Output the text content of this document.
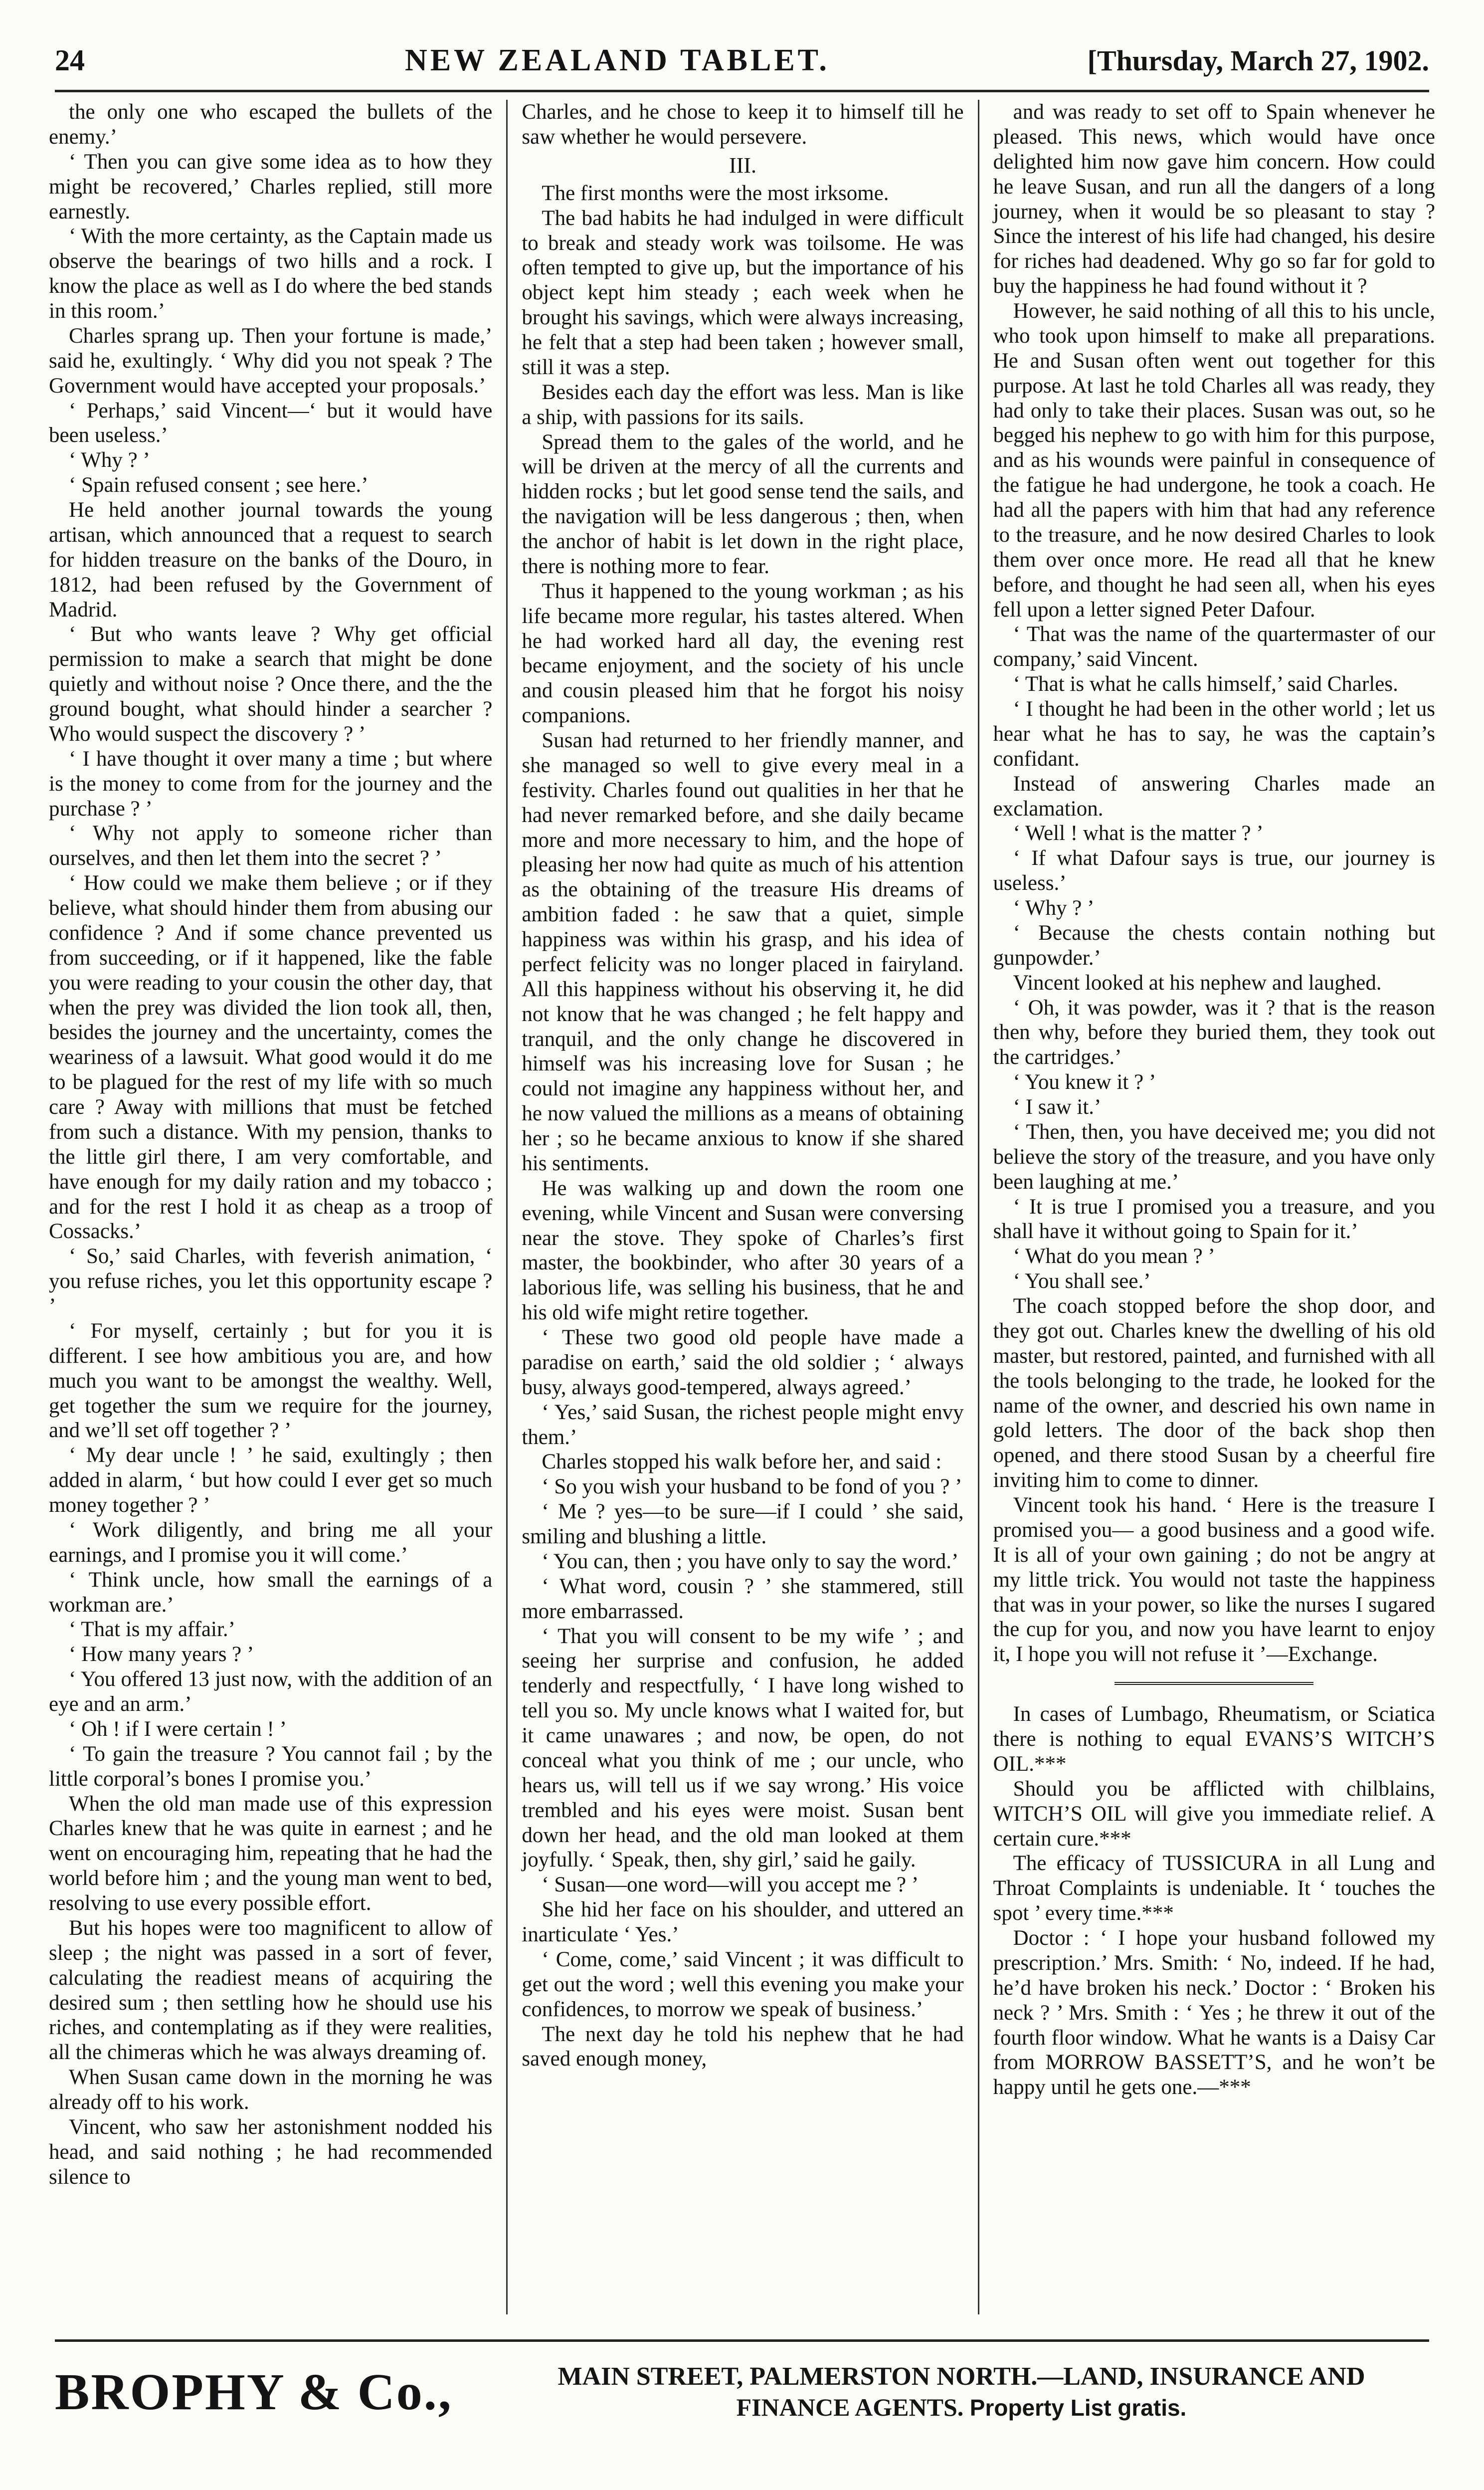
24	NEW ZEALAND TABLET.	[Thursday, March 27, 1902.

the only one who escaped the bullets of the enemy.’

‘ Then you can give some idea as to how they might be recovered,’ Charles replied, still more earnestly.

‘ With the more certainty, as the Captain made us observe the bearings of two hills and a rock. I know the place as well as I do where the bed stands in this room.’

Charles sprang up. Then your fortune is made,’ said he, exultingly. ‘ Why did you not speak ? The Government would have accepted your proposals.’

‘ Perhaps,’ said Vincent—‘ but it would have been useless.’

‘ Why ? ’

‘ Spain refused consent ; see here.’

He held another journal towards the young artisan, which announced that a request to search for hidden treasure on the banks of the Douro, in 1812, had been refused by the Government of Madrid.

‘ But who wants leave ? Why get official permission to make a search that might be done quietly and without noise ? Once there, and the the ground bought, what should hinder a searcher ? Who would suspect the discovery ? ’

‘ I have thought it over many a time ; but where is the money to come from for the journey and the purchase ? ’

‘ Why not apply to someone richer than ourselves, and then let them into the secret ? ’

‘ How could we make them believe ; or if they believe, what should hinder them from abusing our confidence ? And if some chance prevented us from succeeding, or if it happened, like the fable you were reading to your cousin the other day, that when the prey was divided the lion took all, then, besides the journey and the uncertainty, comes the weariness of a lawsuit. What good would it do me to be plagued for the rest of my life with so much care ? Away with millions that must be fetched from such a distance. With my pension, thanks to the little girl there, I am very comfortable, and have enough for my daily ration and my tobacco ; and for the rest I hold it as cheap as a troop of Cossacks.’

‘ So,’ said Charles, with feverish animation, ‘ you refuse riches, you let this opportunity escape ? ’

‘ For myself, certainly ; but for you it is different. I see how ambitious you are, and how much you want to be amongst the wealthy. Well, get together the sum we require for the journey, and we’ll set off together ? ’

‘ My dear uncle ! ’ he said, exultingly ; then added in alarm, ‘ but how could I ever get so much money together ? ’

‘ Work diligently, and bring me all your earnings, and I promise you it will come.’

‘ Think uncle, how small the earnings of a workman are.’

‘ That is my affair.’

‘ How many years ? ’

‘ You offered 13 just now, with the addition of an eye and an arm.’

‘ Oh ! if I were certain ! ’

‘ To gain the treasure ? You cannot fail ; by the little corporal’s bones I promise you.’

When the old man made use of this expression Charles knew that he was quite in earnest ; and he went on encouraging him, repeating that he had the world before him ; and the young man went to bed, resolving to use every possible effort.

But his hopes were too magnificent to allow of sleep ; the night was passed in a sort of fever, calculating the readiest means of acquiring the desired sum ; then settling how he should use his riches, and contemplating as if they were realities, all the chimeras which he was always dreaming of.

When Susan came down in the morning he was already off to his work.

Vincent, who saw her astonishment nodded his head, and said nothing ; he had recommended silence to

Charles, and he chose to keep it to himself till he saw whether he would persevere.

III.

The first months were the most irksome.

The bad habits he had indulged in were difficult to break and steady work was toilsome. He was often tempted to give up, but the importance of his object kept him steady ; each week when he brought his savings, which were always increasing, he felt that a step had been taken ; however small, still it was a step.

Besides each day the effort was less. Man is like a ship, with passions for its sails.

Spread them to the gales of the world, and he will be driven at the mercy of all the currents and hidden rocks ; but let good sense tend the sails, and the navigation will be less dangerous ; then, when the anchor of habit is let down in the right place, there is nothing more to fear.

Thus it happened to the young workman ; as his life became more regular, his tastes altered. When he had worked hard all day, the evening rest became enjoyment, and the society of his uncle and cousin pleased him that he forgot his noisy companions.

Susan had returned to her friendly manner, and she managed so well to give every meal in a festivity. Charles found out qualities in her that he had never remarked before, and she daily became more and more necessary to him, and the hope of pleasing her now had quite as much of his attention as the obtaining of the treasure His dreams of ambition faded : he saw that a quiet, simple happiness was within his grasp, and his idea of perfect felicity was no longer placed in fairyland. All this happiness without his observing it, he did not know that he was changed ; he felt happy and tranquil, and the only change he discovered in himself was his increasing love for Susan ; he could not imagine any happiness without her, and he now valued the millions as a means of obtaining her ; so he became anxious to know if she shared his sentiments.

He was walking up and down the room one evening, while Vincent and Susan were conversing near the stove. They spoke of Charles’s first master, the bookbinder, who after 30 years of a laborious life, was selling his business, that he and his old wife might retire together.

‘ These two good old people have made a paradise on earth,’ said the old soldier ; ‘ always busy, always good-tempered, always agreed.’

‘ Yes,’ said Susan, the richest people might envy them.’

Charles stopped his walk before her, and said :

‘ So you wish your husband to be fond of you ? ’

‘ Me ? yes—to be sure—if I could ’ she said, smiling and blushing a little.

‘ You can, then ; you have only to say the word.’

‘ What word, cousin ? ’ she stammered, still more embarrassed.

‘ That you will consent to be my wife ’ ; and seeing her surprise and confusion, he added tenderly and respectfully, ‘ I have long wished to tell you so. My uncle knows what I waited for, but it came unawares ; and now, be open, do not conceal what you think of me ; our uncle, who hears us, will tell us if we say wrong.’ His voice trembled and his eyes were moist. Susan bent down her head, and the old man looked at them joyfully. ‘ Speak, then, shy girl,’ said he gaily.

‘ Susan—one word—will you accept me ? ’

She hid her face on his shoulder, and uttered an inarticulate ‘ Yes.’

‘ Come, come,’ said Vincent ; it was difficult to get out the word ; well this evening you make your confidences, to morrow we speak of business.’

The next day he told his nephew that he had saved enough money,

and was ready to set off to Spain whenever he pleased. This news, which would have once delighted him now gave him concern. How could he leave Susan, and run all the dangers of a long journey, when it would be so pleasant to stay ? Since the interest of his life had changed, his desire for riches had deadened. Why go so far for gold to buy the happiness he had found without it ?

However, he said nothing of all this to his uncle, who took upon himself to make all preparations. He and Susan often went out together for this purpose. At last he told Charles all was ready, they had only to take their places. Susan was out, so he begged his nephew to go with him for this purpose, and as his wounds were painful in consequence of the fatigue he had undergone, he took a coach. He had all the papers with him that had any reference to the treasure, and he now desired Charles to look them over once more. He read all that he knew before, and thought he had seen all, when his eyes fell upon a letter signed Peter Dafour.

‘ That was the name of the quartermaster of our company,’ said Vincent.

‘ That is what he calls himself,’ said Charles.

‘ I thought he had been in the other world ; let us hear what he has to say, he was the captain’s confidant.

Instead of answering Charles made an exclamation.

‘ Well ! what is the matter ? ’

‘ If what Dafour says is true, our journey is useless.’

‘ Why ? ’

‘ Because the chests contain nothing but gunpowder.’

Vincent looked at his nephew and laughed.

‘ Oh, it was powder, was it ? that is the reason then why, before they buried them, they took out the cartridges.’

‘ You knew it ? ’

‘ I saw it.’

‘ Then, then, you have deceived me; you did not believe the story of the treasure, and you have only been laughing at me.’

‘ It is true I promised you a treasure, and you shall have it without going to Spain for it.’

‘ What do you mean ? ’

‘ You shall see.’

The coach stopped before the shop door, and they got out. Charles knew the dwelling of his old master, but restored, painted, and furnished with all the tools belonging to the trade, he looked for the name of the owner, and descried his own name in gold letters. The door of the back shop then opened, and there stood Susan by a cheerful fire inviting him to come to dinner.

Vincent took his hand. ‘ Here is the treasure I promised you— a good business and a good wife. It is all of your own gaining ; do not be angry at my little trick. You would not taste the happiness that was in your power, so like the nurses I sugared the cup for you, and now you have learnt to enjoy it, I hope you will not refuse it ’—Exchange.

In cases of Lumbago, Rheumatism, or Sciatica there is nothing to equal EVANS’S WITCH’S OIL.***

Should you be afflicted with chilblains, WITCH’S OIL will give you immediate relief. A certain cure.***

The efficacy of TUSSICURA in all Lung and Throat Complaints is undeniable. It ‘ touches the spot ’ every time.***

Doctor : ‘ I hope your husband followed my prescription.’ Mrs. Smith: ‘ No, indeed. If he had, he’d have broken his neck.’ Doctor : ‘ Broken his neck ? ’ Mrs. Smith : ‘ Yes ; he threw it out of the fourth floor window. What he wants is a Daisy Car from MORROW BASSETT’S, and he won’t be happy until he gets one.—***

BROPHY & Co.,	MAIN STREET, PALMERSTON NORTH.—LAND, INSURANCE AND
FINANCE AGENTS. Property List gratis.
